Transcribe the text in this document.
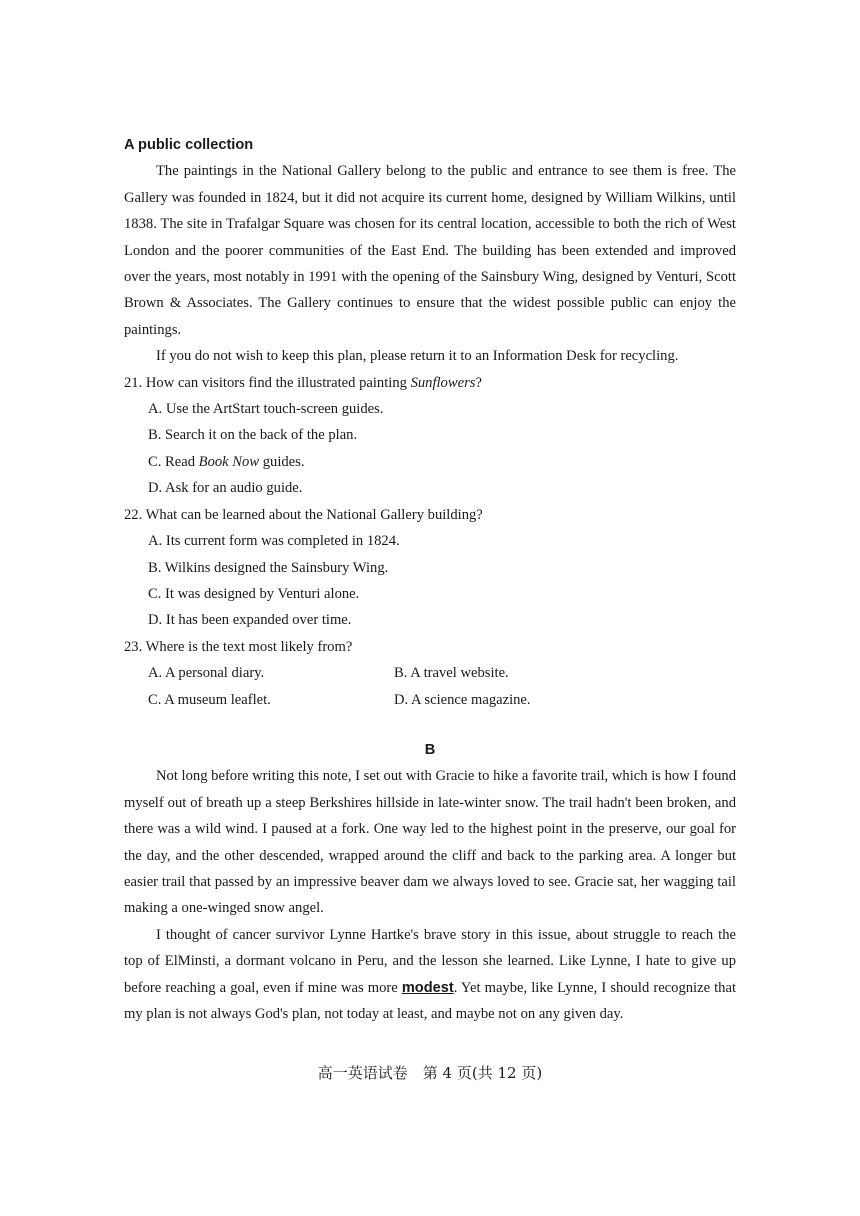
A public collection

The paintings in the National Gallery belong to the public and entrance to see them is free. The Gallery was founded in 1824, but it did not acquire its current home, designed by William Wilkins, until 1838. The site in Trafalgar Square was chosen for its central location, accessible to both the rich of West London and the poorer communities of the East End. The building has been extended and improved over the years, most notably in 1991 with the opening of the Sainsbury Wing, designed by Venturi, Scott Brown & Associates. The Gallery continues to ensure that the widest possible public can enjoy the paintings.

If you do not wish to keep this plan, please return it to an Information Desk for recycling.

21. How can visitors find the illustrated painting Sunflowers?
A. Use the ArtStart touch-screen guides.
B. Search it on the back of the plan.
C. Read Book Now guides.
D. Ask for an audio guide.
22. What can be learned about the National Gallery building?
A. Its current form was completed in 1824.
B. Wilkins designed the Sainsbury Wing.
C. It was designed by Venturi alone.
D. It has been expanded over time.
23. Where is the text most likely from?
A. A personal diary.	B. A travel website.
C. A museum leaflet.	D. A science magazine.
B

Not long before writing this note, I set out with Gracie to hike a favorite trail, which is how I found myself out of breath up a steep Berkshires hillside in late-winter snow. The trail hadn't been broken, and there was a wild wind. I paused at a fork. One way led to the highest point in the preserve, our goal for the day, and the other descended, wrapped around the cliff and back to the parking area. A longer but easier trail that passed by an impressive beaver dam we always loved to see. Gracie sat, her wagging tail making a one-winged snow angel.

I thought of cancer survivor Lynne Hartke's brave story in this issue, about struggle to reach the top of ElMinsti, a dormant volcano in Peru, and the lesson she learned. Like Lynne, I hate to give up before reaching a goal, even if mine was more modest. Yet maybe, like Lynne, I should recognize that my plan is not always God's plan, not today at least, and maybe not on any given day.

高一英语试卷　第 4 页(共 12 页)
